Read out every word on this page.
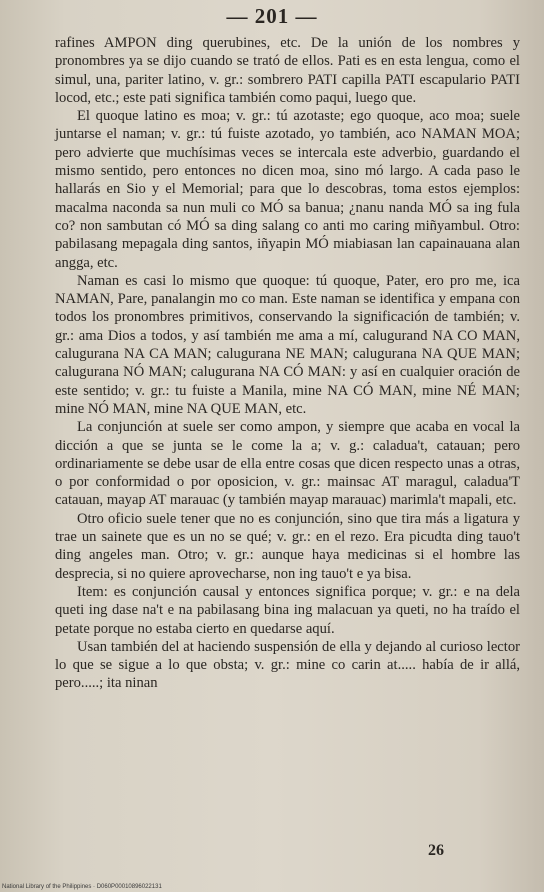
— 201 —

rafines AMPON ding querubines, etc. De la unión de los nombres y pronombres ya se dijo cuando se trató de ellos. Pati es en esta lengua, como el simul, una, pariter latino, v. gr.: sombrero PATI capilla PATI escapulario PATI locod, etc.; este pati significa también como paqui, luego que.

El quoque latino es moa; v. gr.: tú azotaste; ego quoque, aco moa; suele juntarse el naman; v. gr.: tú fuiste azotado, yo también, aco NAMAN MOA; pero advierte que muchísimas veces se intercala este adverbio, guardando el mismo sentido, pero entonces no dicen moa, sino mó largo. A cada paso le hallarás en Sio y el Memorial; para que lo descobras, toma estos ejemplos: macalma naconda sa nun muli co MÓ sa banua; ¿nanu nanda MÓ sa ing fula co? non sambutan có MÓ sa ding salang co anti mo caring miñyambul. Otro: pabilasang mepagala ding santos, iñyapin MÓ miabiasan lan capainauana alan angga, etc.

Naman es casi lo mismo que quoque: tú quoque, Pater, ero pro me, ica NAMAN, Pare, panalangin mo co man. Este naman se identifica y empana con todos los pronombres primitivos, conservando la significación de también; v. gr.: ama Dios a todos, y así también me ama a mí, calugurand NA CO MAN, calugurana NA CA MAN; calugurana NE MAN; calugurana NA QUE MAN; calugurana NÓ MAN; calugurana NA CÓ MAN: y así en cualquier oración de este sentido; v. gr.: tu fuiste a Manila, mine NA CÓ MAN, mine NÉ MAN; mine NÓ MAN, mine NA QUE MAN, etc.

La conjunción at suele ser como ampon, y siempre que acaba en vocal la dicción a que se junta se le come la a; v. g.: caladua't, catauan; pero ordinariamente se debe usar de ella entre cosas que dicen respecto unas a otras, o por conformidad o por oposicion, v. gr.: mainsac AT maragul, caladua'T catauan, mayap AT marauac (y también mayap marauac) marimla't mapali, etc.

Otro oficio suele tener que no es conjunción, sino que tira más a ligatura y trae un sainete que es un no se qué; v. gr.: en el rezo. Era picudta ding tauo't ding angeles man. Otro; v. gr.: aunque haya medicinas si el hombre las desprecia, si no quiere aprovecharse, non ing tauo't e ya bisa.

Item: es conjunción causal y entonces significa porque; v. gr.: e na dela queti ing dase na't e na pabilasang bina ing malacuan ya queti, no ha traído el petate porque no estaba cierto en quedarse aquí.

Usan también del at haciendo suspensión de ella y dejando al curioso lector lo que se sigue a lo que obsta; v. gr.: mine co carin at..... había de ir allá, pero.....; ita ninan

26
National Library of the Philippines · D060P00010896022131
